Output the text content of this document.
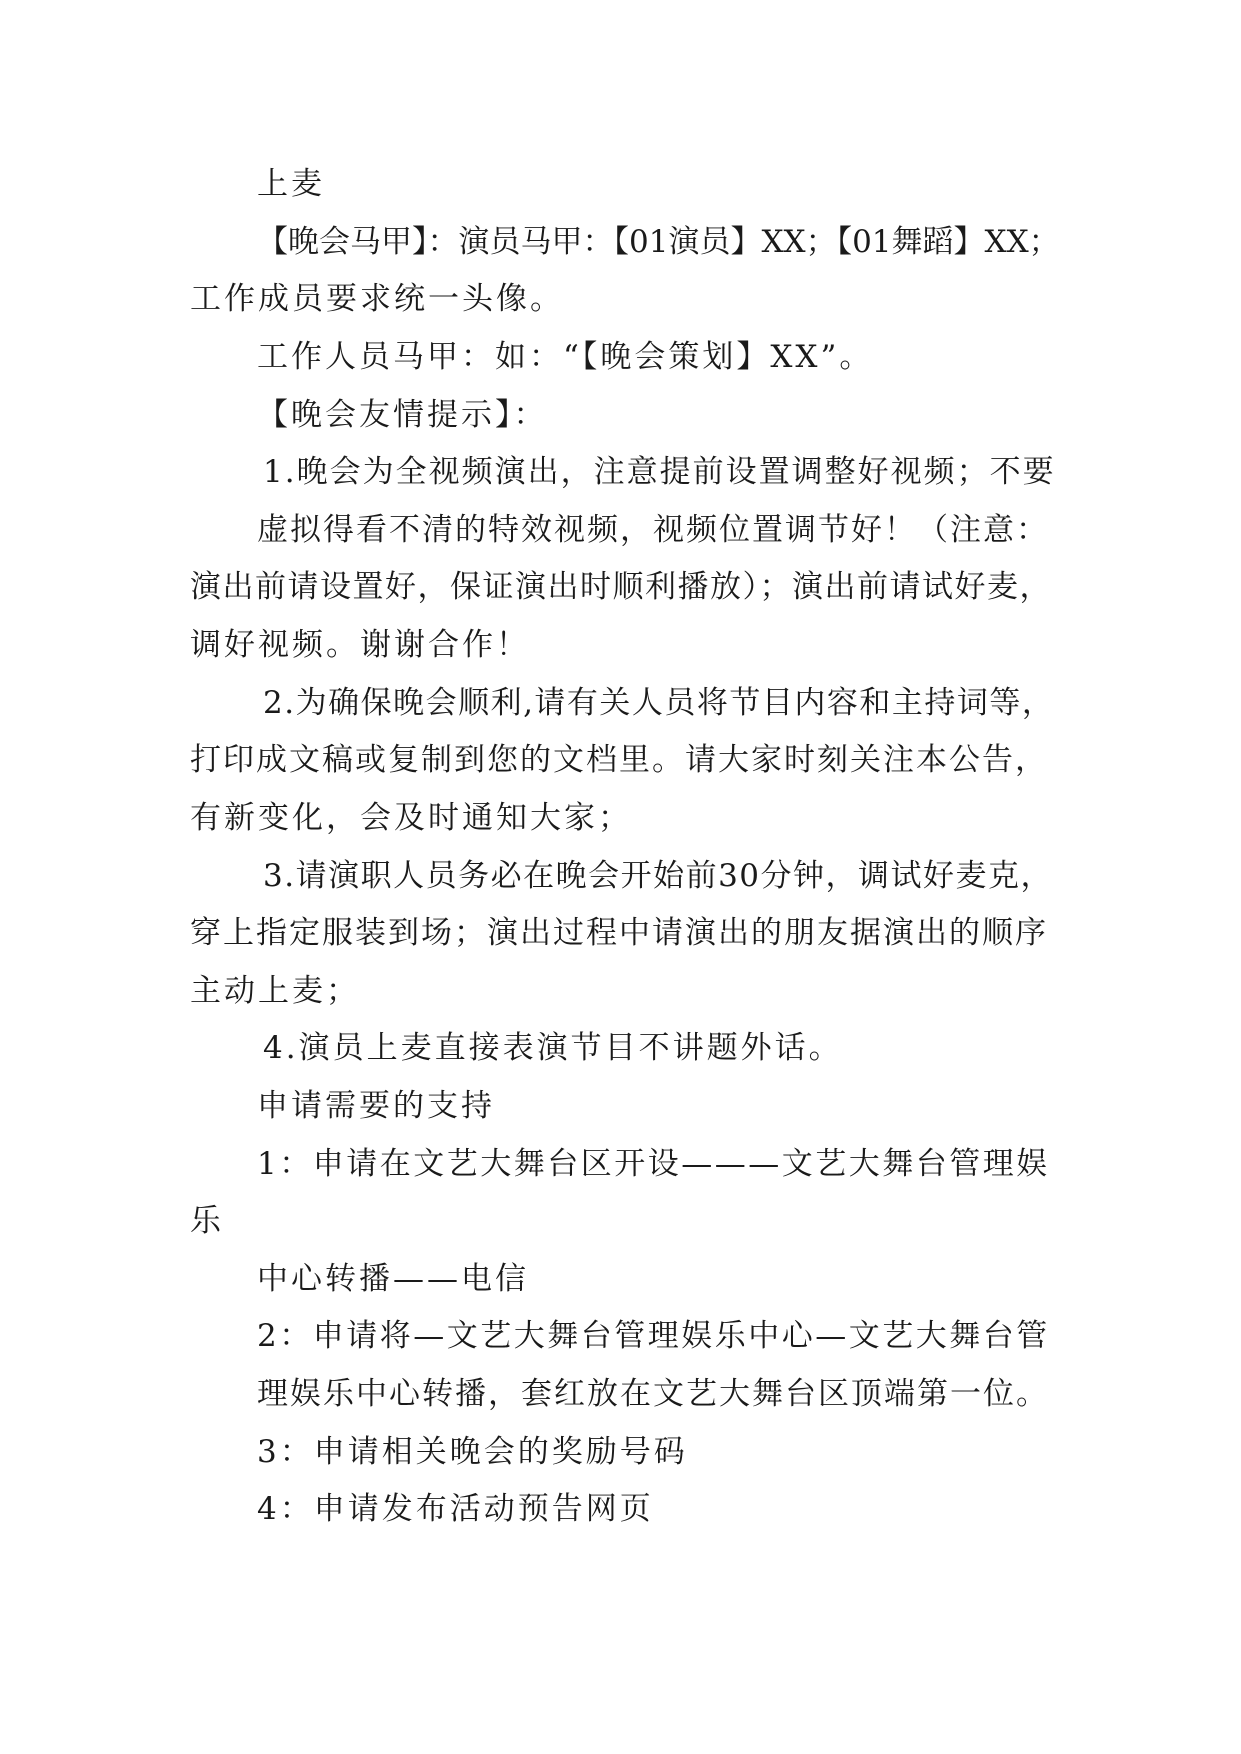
上麦
【晚会马甲】：演员马甲：【01演员】XX；【01舞蹈】XX；
工作成员要求统一头像。
工作人员马甲：如：“【晚会策划】XX”。
【晚会友情提示】：
1.晚会为全视频演出，注意提前设置调整好视频；不要
虚拟得看不清的特效视频，视频位置调节好！（注意：
演出前请设置好，保证演出时顺利播放）；演出前请试好麦，
调好视频。谢谢合作！
2.为确保晚会顺利,请有关人员将节目内容和主持词等，
打印成文稿或复制到您的文档里。请大家时刻关注本公告，
有新变化，会及时通知大家；
3.请演职人员务必在晚会开始前30分钟，调试好麦克，
穿上指定服装到场；演出过程中请演出的朋友据演出的顺序
主动上麦；
4.演员上麦直接表演节目不讲题外话。
申请需要的支持
1：申请在文艺大舞台区开设———文艺大舞台管理娱
乐
中心转播——电信
2：申请将—文艺大舞台管理娱乐中心—文艺大舞台管
理娱乐中心转播，套红放在文艺大舞台区顶端第一位。
3：申请相关晚会的奖励号码
4：申请发布活动预告网页
